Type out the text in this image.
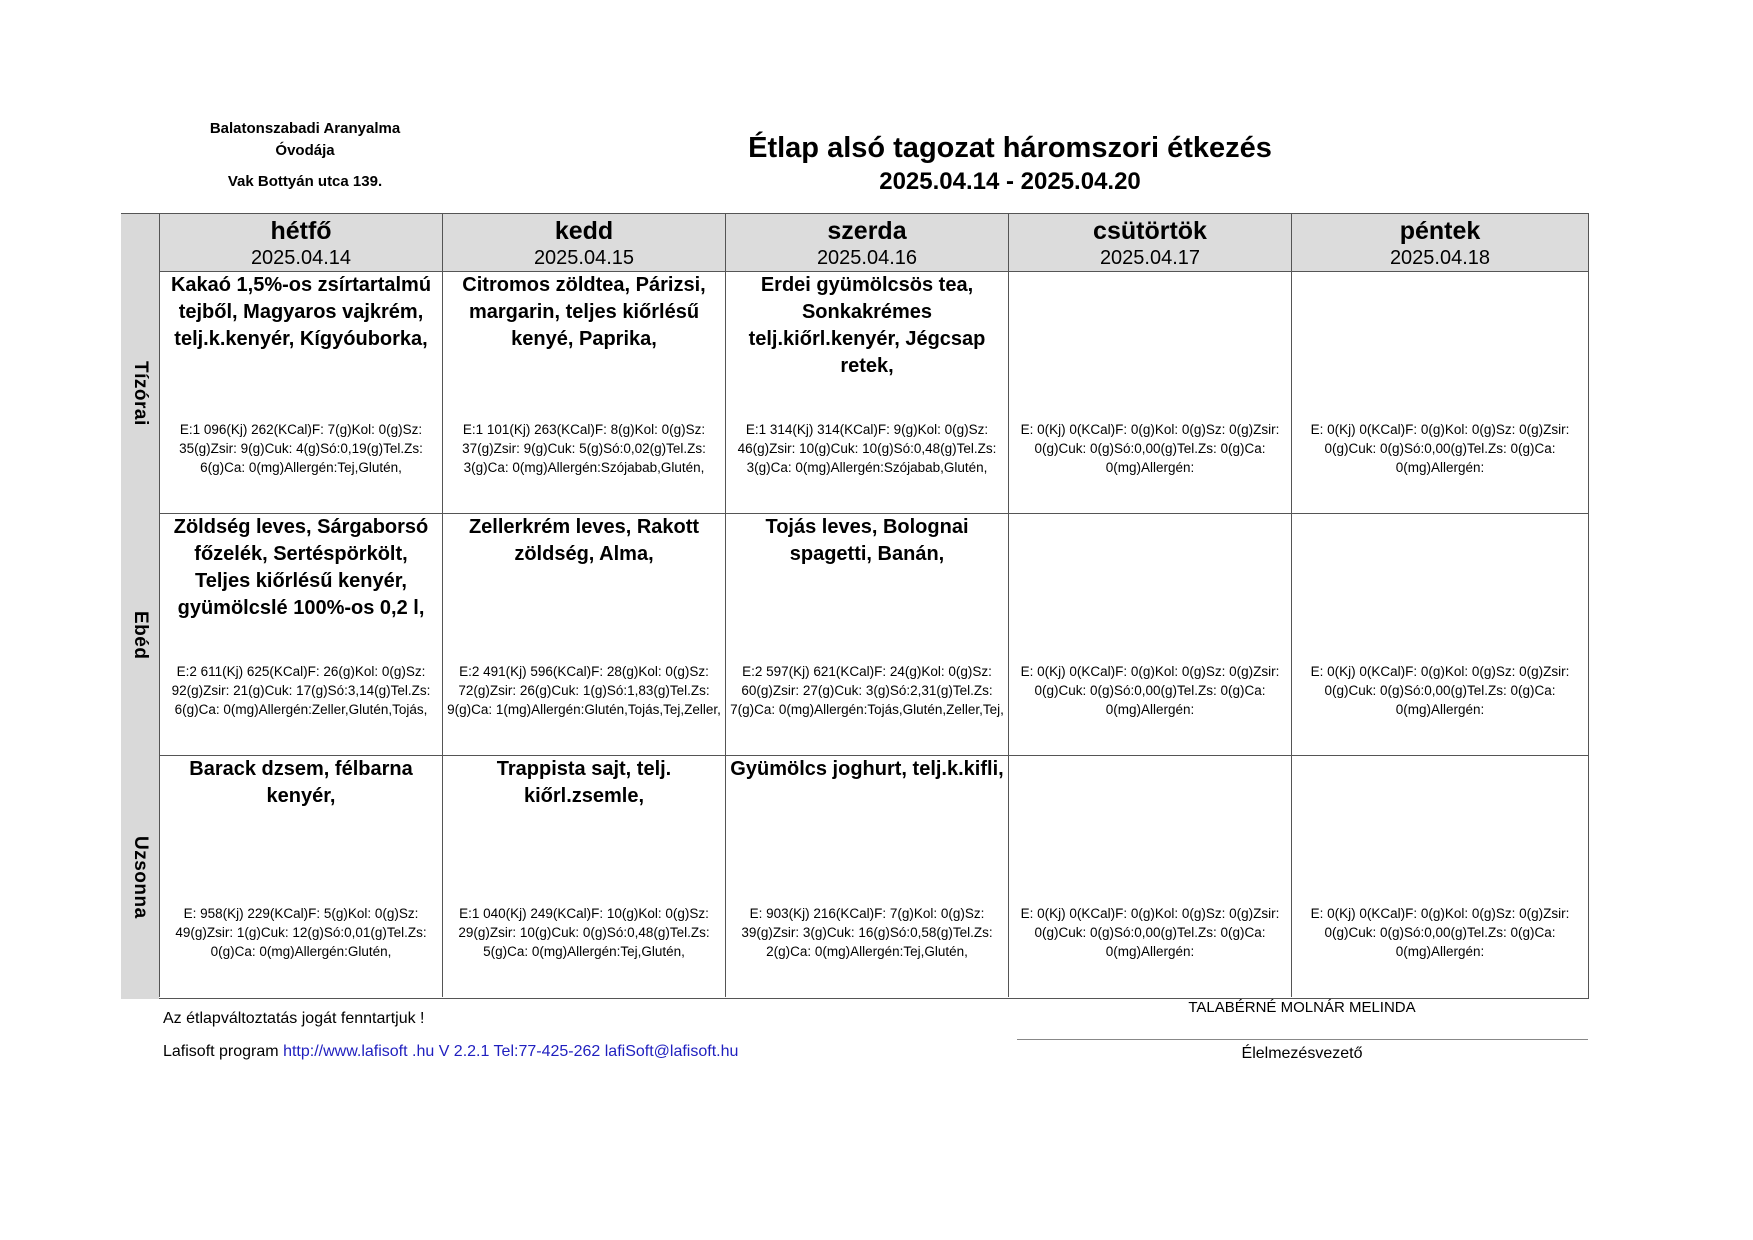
Balatonszabadi Aranyalma
Óvodája
Vak Bottyán utca 139.
Étlap alsó tagozat háromszori étkezés
2025.04.14 - 2025.04.20
Tízórai
Ebéd
Uzsonna
hétfő
2025.04.14
Kakaó 1,5%-os zsírtartalmú tejből, Magyaros vajkrém, telj.k.kenyér, Kígyóuborka,
E:1 096(Kj) 262(KCal)F: 7(g)Kol: 0(g)Sz: 35(g)Zsir: 9(g)Cuk: 4(g)Só:0,19(g)Tel.Zs: 6(g)Ca: 0(mg)Allergén:Tej,Glutén,
Zöldség leves, Sárgaborsó főzelék, Sertéspörkölt, Teljes kiőrlésű kenyér, gyümölcslé 100%-os 0,2 l,
E:2 611(Kj) 625(KCal)F: 26(g)Kol: 0(g)Sz: 92(g)Zsir: 21(g)Cuk: 17(g)Só:3,14(g)Tel.Zs: 6(g)Ca: 0(mg)Allergén:Zeller,Glutén,Tojás,
Barack dzsem, félbarna kenyér,
E: 958(Kj) 229(KCal)F: 5(g)Kol: 0(g)Sz: 49(g)Zsir: 1(g)Cuk: 12(g)Só:0,01(g)Tel.Zs: 0(g)Ca: 0(mg)Allergén:Glutén,
kedd
2025.04.15
Citromos zöldtea, Párizsi, margarin, teljes kiőrlésű kenyé, Paprika,
E:1 101(Kj) 263(KCal)F: 8(g)Kol: 0(g)Sz: 37(g)Zsir: 9(g)Cuk: 5(g)Só:0,02(g)Tel.Zs: 3(g)Ca: 0(mg)Allergén:Szójabab,Glutén,
Zellerkrém leves, Rakott zöldség, Alma,
E:2 491(Kj) 596(KCal)F: 28(g)Kol: 0(g)Sz: 72(g)Zsir: 26(g)Cuk: 1(g)Só:1,83(g)Tel.Zs: 9(g)Ca: 1(mg)Allergén:Glutén,Tojás,Tej,Zeller,
Trappista sajt, telj. kiőrl.zsemle,
E:1 040(Kj) 249(KCal)F: 10(g)Kol: 0(g)Sz: 29(g)Zsir: 10(g)Cuk: 0(g)Só:0,48(g)Tel.Zs: 5(g)Ca: 0(mg)Allergén:Tej,Glutén,
szerda
2025.04.16
Erdei gyümölcsös tea, Sonkakrémes telj.kiőrl.kenyér, Jégcsap retek,
E:1 314(Kj) 314(KCal)F: 9(g)Kol: 0(g)Sz: 46(g)Zsir: 10(g)Cuk: 10(g)Só:0,48(g)Tel.Zs: 3(g)Ca: 0(mg)Allergén:Szójabab,Glutén,
Tojás leves, Bolognai spagetti, Banán,
E:2 597(Kj) 621(KCal)F: 24(g)Kol: 0(g)Sz: 60(g)Zsir: 27(g)Cuk: 3(g)Só:2,31(g)Tel.Zs: 7(g)Ca: 0(mg)Allergén:Tojás,Glutén,Zeller,Tej,
Gyümölcs joghurt, telj.k.kifli,
E: 903(Kj) 216(KCal)F: 7(g)Kol: 0(g)Sz: 39(g)Zsir: 3(g)Cuk: 16(g)Só:0,58(g)Tel.Zs: 2(g)Ca: 0(mg)Allergén:Tej,Glutén,
csütörtök
2025.04.17
E: 0(Kj) 0(KCal)F: 0(g)Kol: 0(g)Sz: 0(g)Zsir: 0(g)Cuk: 0(g)Só:0,00(g)Tel.Zs: 0(g)Ca: 0(mg)Allergén:
E: 0(Kj) 0(KCal)F: 0(g)Kol: 0(g)Sz: 0(g)Zsir: 0(g)Cuk: 0(g)Só:0,00(g)Tel.Zs: 0(g)Ca: 0(mg)Allergén:
E: 0(Kj) 0(KCal)F: 0(g)Kol: 0(g)Sz: 0(g)Zsir: 0(g)Cuk: 0(g)Só:0,00(g)Tel.Zs: 0(g)Ca: 0(mg)Allergén:
péntek
2025.04.18
E: 0(Kj) 0(KCal)F: 0(g)Kol: 0(g)Sz: 0(g)Zsir: 0(g)Cuk: 0(g)Só:0,00(g)Tel.Zs: 0(g)Ca: 0(mg)Allergén:
E: 0(Kj) 0(KCal)F: 0(g)Kol: 0(g)Sz: 0(g)Zsir: 0(g)Cuk: 0(g)Só:0,00(g)Tel.Zs: 0(g)Ca: 0(mg)Allergén:
E: 0(Kj) 0(KCal)F: 0(g)Kol: 0(g)Sz: 0(g)Zsir: 0(g)Cuk: 0(g)Só:0,00(g)Tel.Zs: 0(g)Ca: 0(mg)Allergén:
Az étlapváltoztatás jogát fenntartjuk !
Lafisoft program http://www.lafisoft .hu V 2.2.1 Tel:77-425-262 lafiSoft@lafisoft.hu
TALABÉRNÉ MOLNÁR MELINDA
Élelmezésvezető
